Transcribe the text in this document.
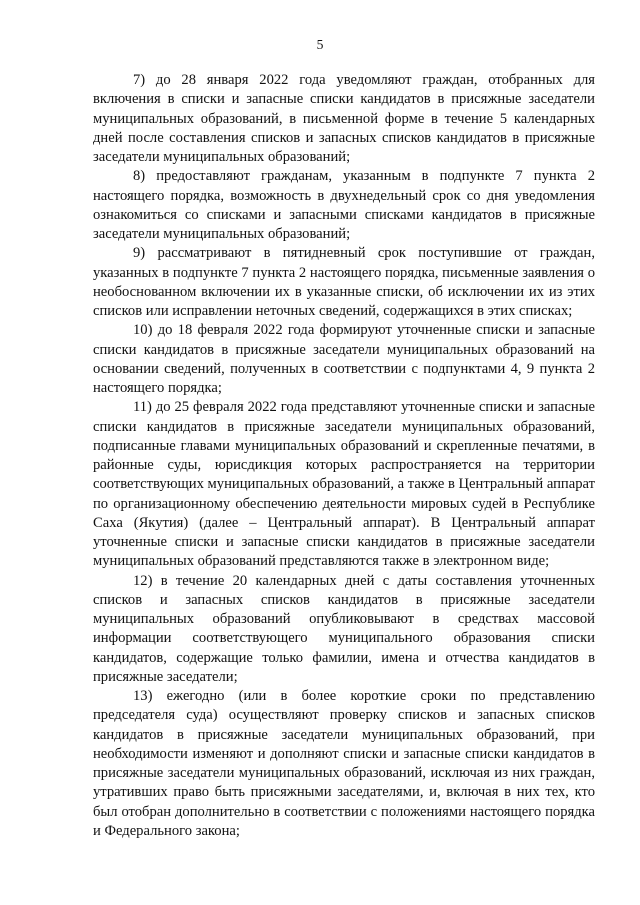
5

7) до 28 января 2022 года уведомляют граждан, отобранных для включения в списки и запасные списки кандидатов в присяжные заседатели муниципальных образований, в письменной форме в течение 5 календарных дней после составления списков и запасных списков кандидатов в присяжные заседатели муниципальных образований;

8) предоставляют гражданам, указанным в подпункте 7 пункта 2 настоящего порядка, возможность в двухнедельный срок со дня уведомления ознакомиться со списками и запасными списками кандидатов в присяжные заседатели муниципальных образований;

9) рассматривают в пятидневный срок поступившие от граждан, указанных в подпункте 7 пункта 2 настоящего порядка, письменные заявления о необоснованном включении их в указанные списки, об исключении их из этих списков или исправлении неточных сведений, содержащихся в этих списках;

10) до 18 февраля 2022 года формируют уточненные списки и запасные списки кандидатов в присяжные заседатели муниципальных образований на основании сведений, полученных в соответствии с подпунктами 4, 9 пункта 2 настоящего порядка;

11) до 25 февраля 2022 года представляют уточненные списки и запасные списки кандидатов в присяжные заседатели муниципальных образований, подписанные главами муниципальных образований и скрепленные печатями, в районные суды, юрисдикция которых распространяется на территории соответствующих муниципальных образований, а также в Центральный аппарат по организационному обеспечению деятельности мировых судей в Республике Саха (Якутия) (далее – Центральный аппарат). В Центральный аппарат уточненные списки и запасные списки кандидатов в присяжные заседатели муниципальных образований представляются также в электронном виде;

12) в течение 20 календарных дней с даты составления уточненных списков и запасных списков кандидатов в присяжные заседатели муниципальных образований опубликовывают в средствах массовой информации соответствующего муниципального образования списки кандидатов, содержащие только фамилии, имена и отчества кандидатов в присяжные заседатели;

13) ежегодно (или в более короткие сроки по представлению председателя суда) осуществляют проверку списков и запасных списков кандидатов в присяжные заседатели муниципальных образований, при необходимости изменяют и дополняют списки и запасные списки кандидатов в присяжные заседатели муниципальных образований, исключая из них граждан, утративших право быть присяжными заседателями, и, включая в них тех, кто был отобран дополнительно в соответствии с положениями настоящего порядка и Федерального закона;
